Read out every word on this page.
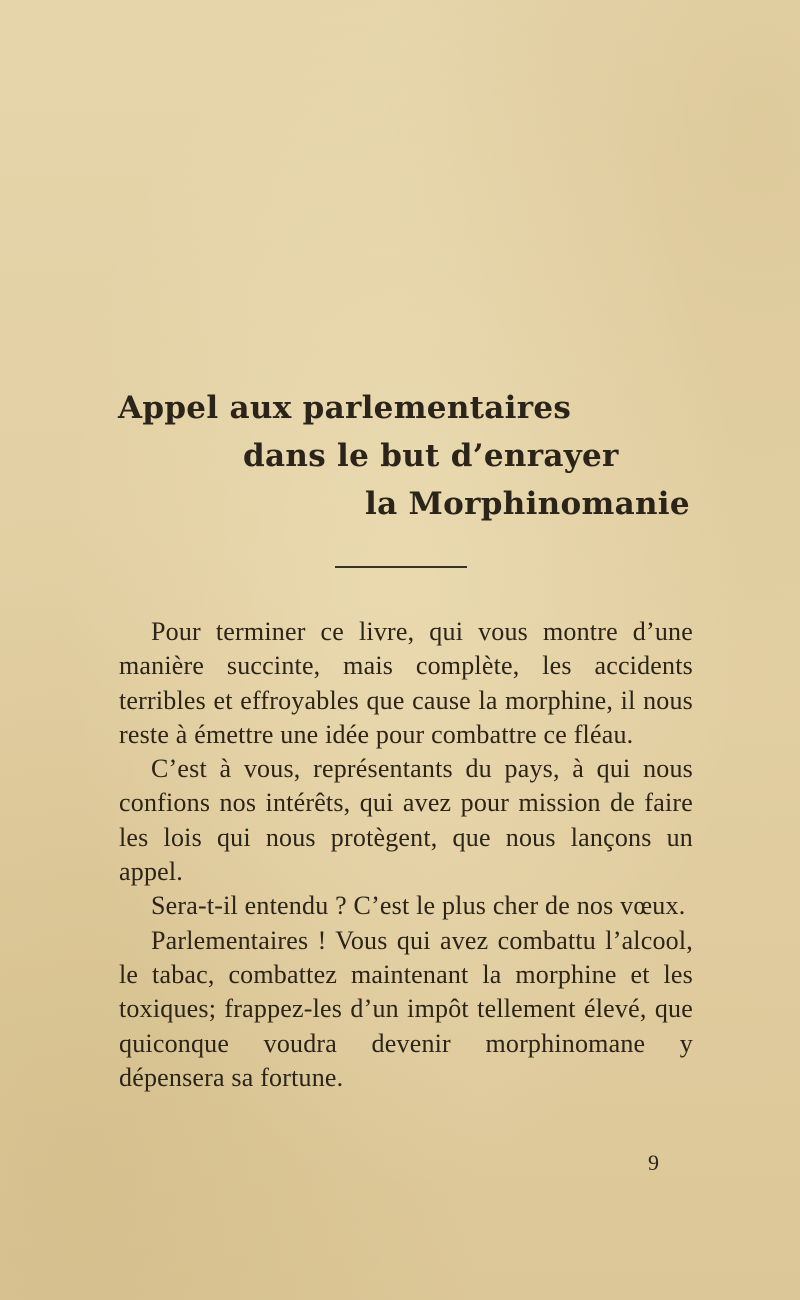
Appel aux parlementaires
dans le but d’enrayer
la Morphinomanie

Pour terminer ce livre, qui vous montre d’une manière succinte, mais complète, les accidents terribles et effroyables que cause la morphine, il nous reste à émettre une idée pour combattre ce fléau.

C’est à vous, représentants du pays, à qui nous confions nos intérêts, qui avez pour mission de faire les lois qui nous protègent, que nous lançons un appel.

Sera-t-il entendu ? C’est le plus cher de nos vœux.

Parlementaires ! Vous qui avez combattu l’alcool, le tabac, combattez maintenant la morphine et les toxiques; frappez-les d’un impôt tellement élevé, que quiconque voudra devenir morphinomane y dépensera sa fortune.

9
